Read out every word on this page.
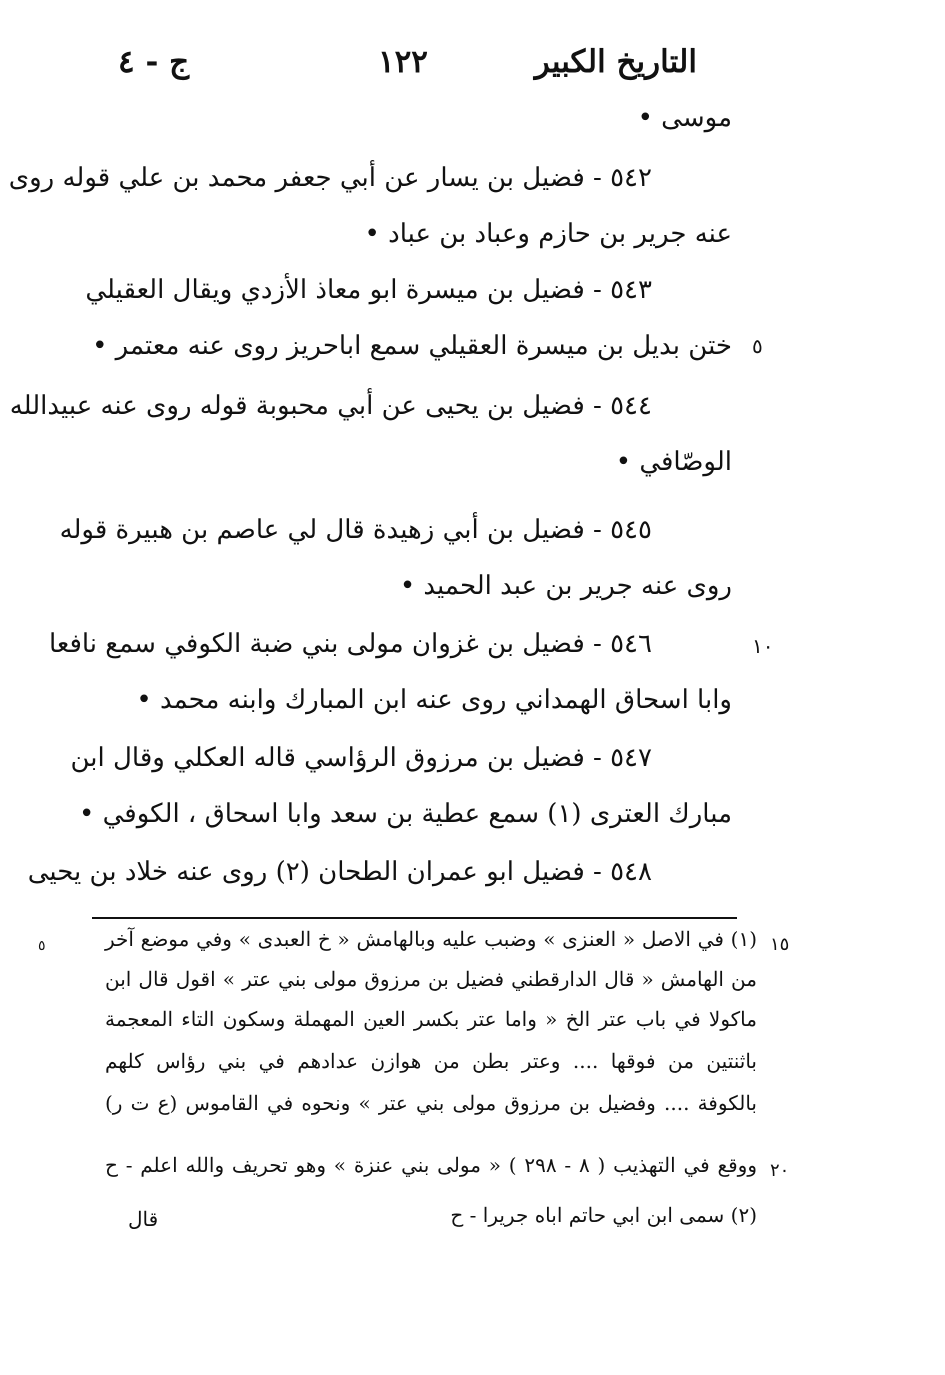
التاريخ الكبير
١٢٢
ج - ٤
موسى •
٥٤٢ - فضيل بن يسار عن أبي جعفر محمد بن علي قوله روى
عنه جرير بن حازم وعباد بن عباد •
٥٤٣ - فضيل بن ميسرة ابو معاذ الأزدي ويقال العقيلي
ختن بديل بن ميسرة العقيلي سمع اباحريز روى عنه معتمر • ٥
٥٤٤ - فضيل بن يحيى عن أبي محبوبة قوله روى عنه عبيدالله
الوصّافي •
٥٤٥ - فضيل بن أبي زهيدة قال لي عاصم بن هبيرة قوله
روى عنه جرير بن عبد الحميد •
٥٤٦ - فضيل بن غزوان مولى بني ضبة الكوفي سمع نافعا	١٠
وابا اسحاق الهمداني روى عنه ابن المبارك وابنه محمد •
٥٤٧ - فضيل بن مرزوق الرؤاسي قاله العكلي وقال ابن
مبارك العترى (١) سمع عطية بن سعد وابا اسحاق ، الكوفي •
٥٤٨ - فضيل ابو عمران الطحان (٢) روى عنه خلاد بن يحيى
٥	١٥
(١) في الاصل « العنزى » وضبب عليه وبالهامش « خ العبدى » وفي موضع آخر
من الهامش « قال الدارقطني فضيل بن مرزوق مولى بني عتر » اقول قال ابن
ماكولا في باب عتر الخ « واما عتر بكسر العين المهملة وسكون التاء المعجمة
باثنتين من فوقها .... وعتر بطن من هوازن عدادهم في بني رؤاس كلهم
بالكوفة .... وفضيل بن مرزوق مولى بني عتر » ونحوه في القاموس (ع ت ر)
٢٠
ووقع في التهذيب ( ٨ - ٢٩٨ ) « مولى بني عنزة » وهو تحريف والله اعلم - ح
(٢) سمى ابن ابي حاتم اباه جريرا - ح
قال
